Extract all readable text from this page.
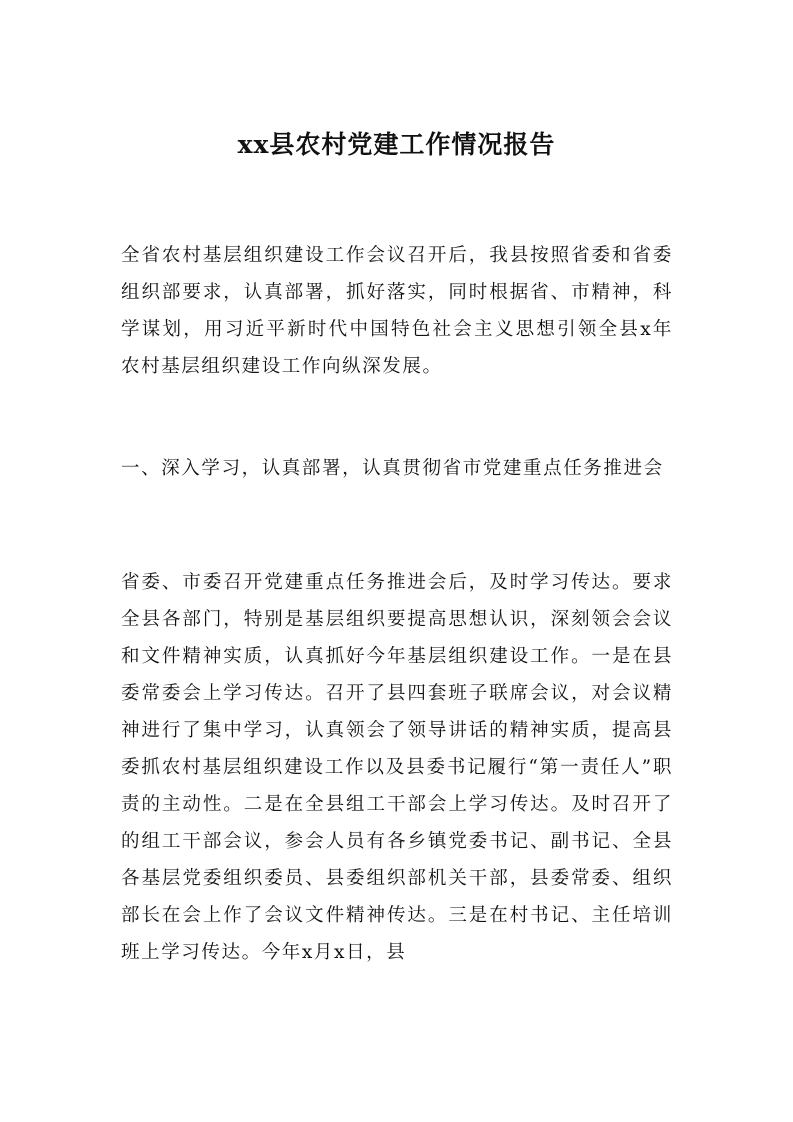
xx县农村党建工作情况报告

全省农村基层组织建设工作会议召开后，我县按照省委和省委组织部要求，认真部署，抓好落实，同时根据省、市精神，科学谋划，用习近平新时代中国特色社会主义思想引领全县x年农村基层组织建设工作向纵深发展。

一、深入学习，认真部署，认真贯彻省市党建重点任务推进会

省委、市委召开党建重点任务推进会后，及时学习传达。要求全县各部门，特别是基层组织要提高思想认识，深刻领会会议和文件精神实质，认真抓好今年基层组织建设工作。一是在县委常委会上学习传达。召开了县四套班子联席会议，对会议精神进行了集中学习，认真领会了领导讲话的精神实质，提高县委抓农村基层组织建设工作以及县委书记履行“第一责任人”职责的主动性。二是在全县组工干部会上学习传达。及时召开了的组工干部会议，参会人员有各乡镇党委书记、副书记、全县各基层党委组织委员、县委组织部机关干部，县委常委、组织部长在会上作了会议文件精神传达。三是在村书记、主任培训班上学习传达。今年x月x日，县
